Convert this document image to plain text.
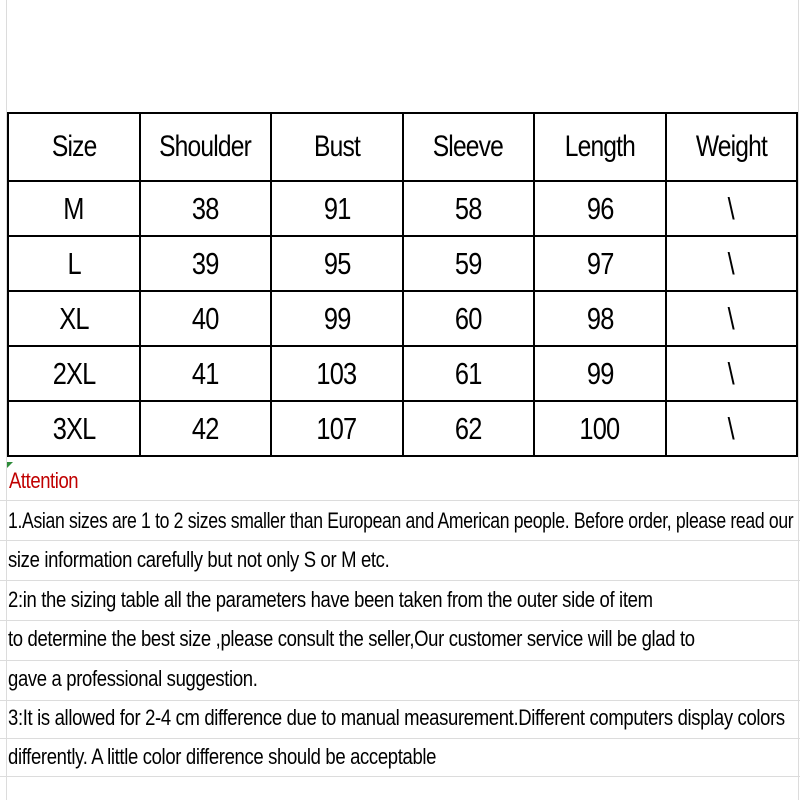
Size	Shoulder	Bust	Sleeve	Length	Weight
M	38	91	58	96	\
L	39	95	59	97	\
XL	40	99	60	98	\
2XL	41	103	61	99	\
3XL	42	107	62	100	\
Attention
1.Asian sizes are 1 to 2 sizes smaller than European and American people. Before order, please read our
size information carefully but not only S or M etc.
2:in the sizing table all the parameters have been taken from the outer side of item
to determine the best size ,please consult the seller,Our customer service will be glad to
gave a professional suggestion.
3:It is allowed for 2-4 cm difference due to manual measurement.Different computers display colors
differently. A little color difference should be acceptable
